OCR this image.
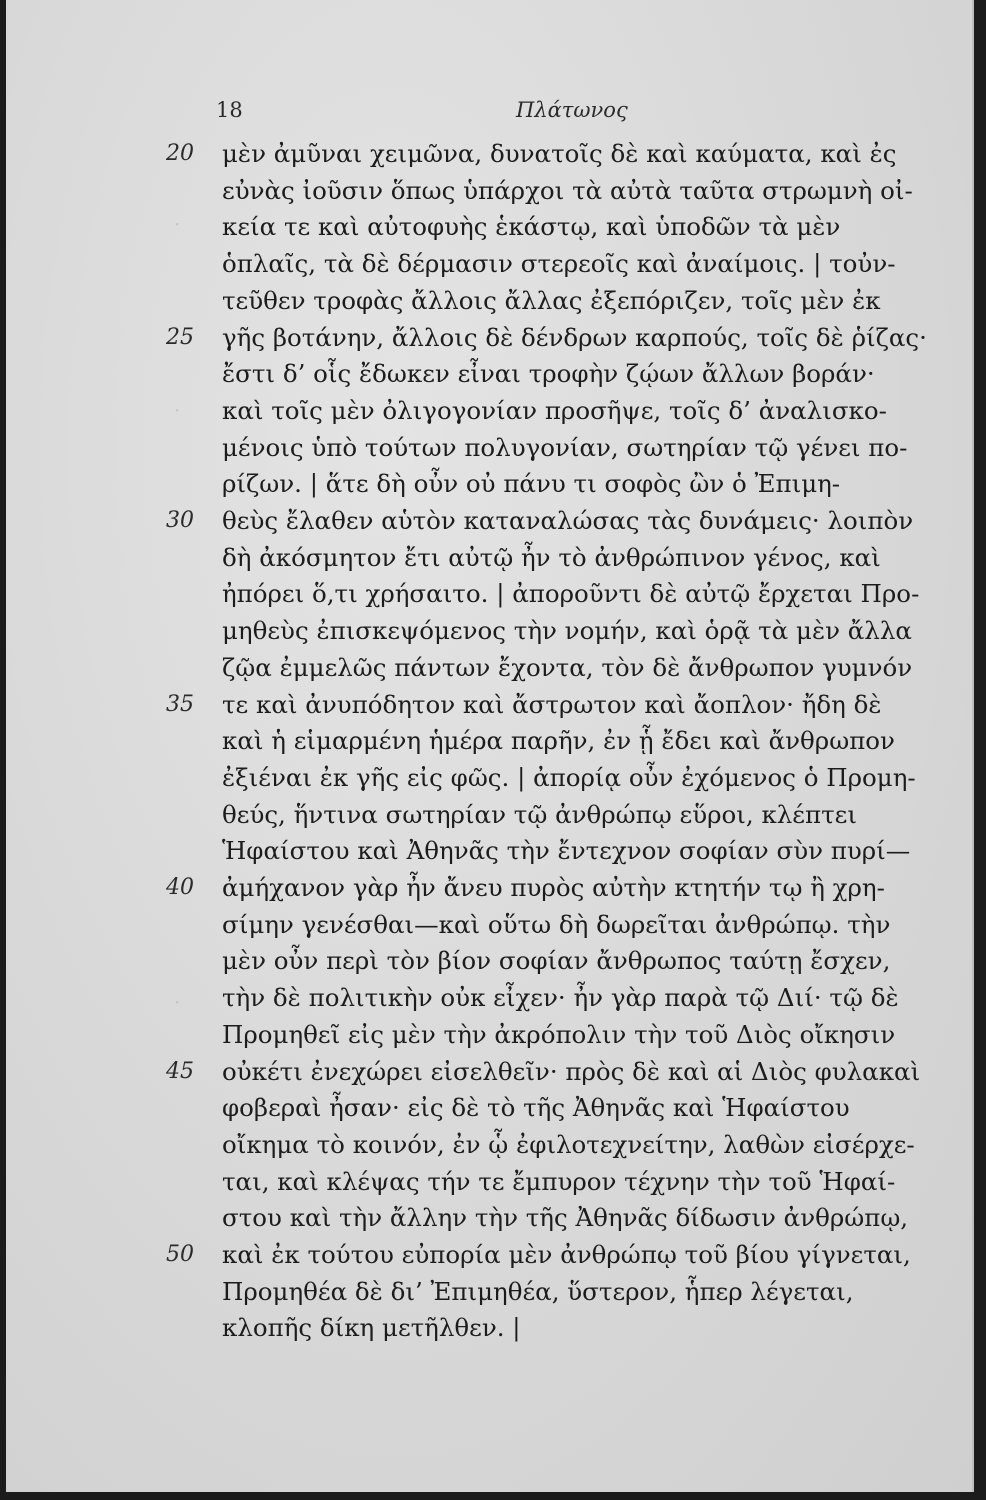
18	Πλάτωνος
·
·
·
μὲν ἀμῦναι χειμῶνα, δυνατοῖς δὲ καὶ καύματα, καὶ ἐς
εὐνὰς ἰοῦσιν ὅπως ὑπάρχοι τὰ αὐτὰ ταῦτα στρωμνὴ οἰ-
κεία τε καὶ αὐτοφυὴς ἑκάστῳ, καὶ ὑποδῶν τὰ μὲν
ὁπλαῖς, τὰ δὲ δέρμασιν στερεοῖς καὶ ἀναίμοις. | τοὐν-
τεῦθεν τροφὰς ἄλλοις ἄλλας ἐξεπόριζεν, τοῖς μὲν ἐκ
γῆς βοτάνην, ἄλλοις δὲ δένδρων καρπούς, τοῖς δὲ ῥίζας·
ἔστι δ’ οἷς ἔδωκεν εἶναι τροφὴν ζῴων ἄλλων βοράν·
καὶ τοῖς μὲν ὀλιγογονίαν προσῆψε, τοῖς δ’ ἀναλισκο-
μένοις ὑπὸ τούτων πολυγονίαν, σωτηρίαν τῷ γένει πο-
ρίζων. | ἅτε δὴ οὖν οὐ πάνυ τι σοφὸς ὢν ὁ Ἐπιμη-
θεὺς ἔλαθεν αὑτὸν καταναλώσας τὰς δυνάμεις· λοιπὸν
δὴ ἀκόσμητον ἔτι αὐτῷ ἦν τὸ ἀνθρώπινον γένος, καὶ
ἠπόρει ὅ,τι χρήσαιτο. | ἀποροῦντι δὲ αὐτῷ ἔρχεται Προ-
μηθεὺς ἐπισκεψόμενος τὴν νομήν, καὶ ὁρᾷ τὰ μὲν ἄλλα
ζῷα ἐμμελῶς πάντων ἔχοντα, τὸν δὲ ἄνθρωπον γυμνόν
τε καὶ ἀνυπόδητον καὶ ἄστρωτον καὶ ἄοπλον· ἤδη δὲ
καὶ ἡ εἱμαρμένη ἡμέρα παρῆν, ἐν ᾗ ἔδει καὶ ἄνθρωπον
ἐξιέναι ἐκ γῆς εἰς φῶς. | ἀπορίᾳ οὖν ἐχόμενος ὁ Προμη-
θεύς, ἥντινα σωτηρίαν τῷ ἀνθρώπῳ εὕροι, κλέπτει
Ἡφαίστου καὶ Ἀθηνᾶς τὴν ἔντεχνον σοφίαν σὺν πυρί—
ἀμήχανον γὰρ ἦν ἄνευ πυρὸς αὐτὴν κτητήν τῳ ἢ χρη-
σίμην γενέσθαι—καὶ οὕτω δὴ δωρεῖται ἀνθρώπῳ. τὴν
μὲν οὖν περὶ τὸν βίον σοφίαν ἄνθρωπος ταύτῃ ἔσχεν,
τὴν δὲ πολιτικὴν οὐκ εἶχεν· ἦν γὰρ παρὰ τῷ Διί· τῷ δὲ
Προμηθεῖ εἰς μὲν τὴν ἀκρόπολιν τὴν τοῦ Διὸς οἴκησιν
οὐκέτι ἐνεχώρει εἰσελθεῖν· πρὸς δὲ καὶ αἱ Διὸς φυλακαὶ
φοβεραὶ ἦσαν· εἰς δὲ τὸ τῆς Ἀθηνᾶς καὶ Ἡφαίστου
οἴκημα τὸ κοινόν, ἐν ᾧ ἐφιλοτεχνείτην, λαθὼν εἰσέρχε-
ται, καὶ κλέψας τήν τε ἔμπυρον τέχνην τὴν τοῦ Ἡφαί-
στου καὶ τὴν ἄλλην τὴν τῆς Ἀθηνᾶς δίδωσιν ἀνθρώπῳ,
καὶ ἐκ τούτου εὐπορία μὲν ἀνθρώπῳ τοῦ βίου γίγνεται,
Προμηθέα δὲ δι’ Ἐπιμηθέα, ὕστερον, ἧπερ λέγεται,
κλοπῆς δίκη μετῆλθεν. |
20
25
30
35
40
45
50
